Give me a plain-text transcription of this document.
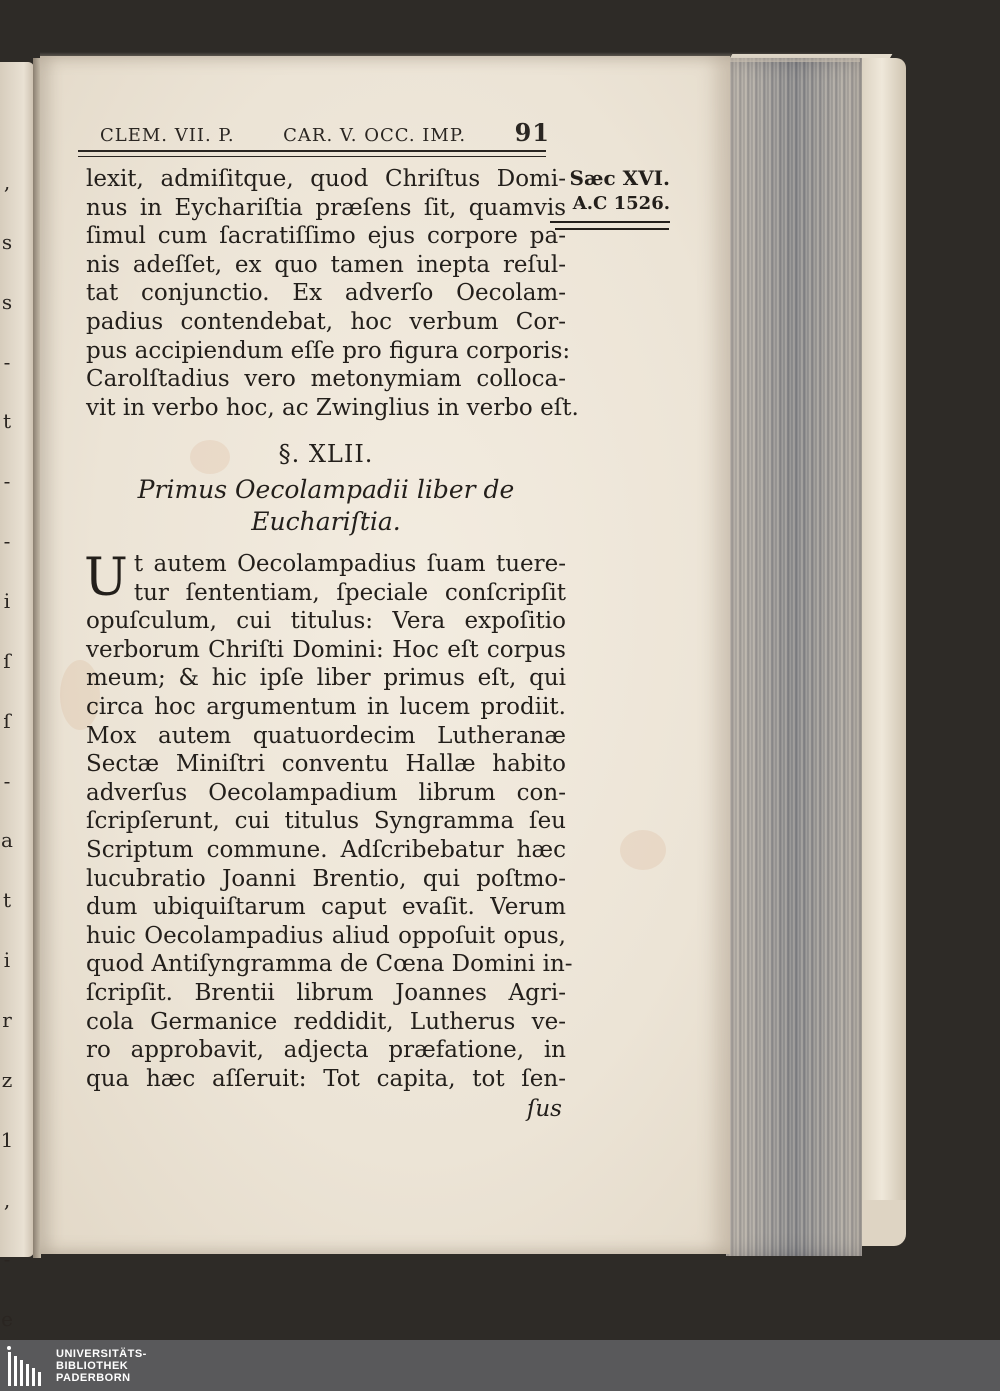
,
s
s
-
t
-
-
i
ſ
ſ
-
a
t
i
r
z
1
,
-
e
CLEM. VII. P.	CAR. V. OCC. IMP. 91
Sæc XVI.
A.C 1526.
lexit, admiſitque, quod Chriſtus Domi-
nus in Eychariſtia præſens ſit, quamvis
ſimul cum ſacratiſſimo ejus corpore pa-
nis adeſſet, ex quo tamen inepta reſul-
tat conjunctio. Ex adverſo Oecolam-
padius contendebat, hoc verbum Cor-
pus accipiendum eſſe pro figura corporis:
Carolſtadius vero metonymiam colloca-
vit in verbo hoc, ac Zwinglius in verbo eſt.
§. XLII.
Primus Oecolampadii liber de
Euchariſtia.
U t autem Oecolampadius ſuam tuere-
tur ſententiam, ſpeciale conſcripſit
opuſculum, cui titulus: Vera expoſitio
verborum Chriſti Domini: Hoc eſt corpus
meum; & hic ipſe liber primus eſt, qui
circa hoc argumentum in lucem prodiit.
Mox autem quatuordecim Lutheranæ
Sectæ Miniſtri conventu Hallæ habito
adverſus Oecolampadium librum con-
ſcripſerunt, cui titulus Syngramma ſeu
Scriptum commune. Adſcribebatur hæc
lucubratio Joanni Brentio, qui poſtmo-
dum ubiquiſtarum caput evaſit. Verum
huic Oecolampadius aliud oppoſuit opus,
quod Antiſyngramma de Cœna Domini in-
ſcripſit. Brentii librum Joannes Agri-
cola Germanice reddidit, Lutherus ve-
ro approbavit, adjecta præfatione, in
qua hæc aſſeruit: Tot capita, tot ſen-
ſus
UNIVERSITÄTS-
BIBLIOTHEK
PADERBORN
